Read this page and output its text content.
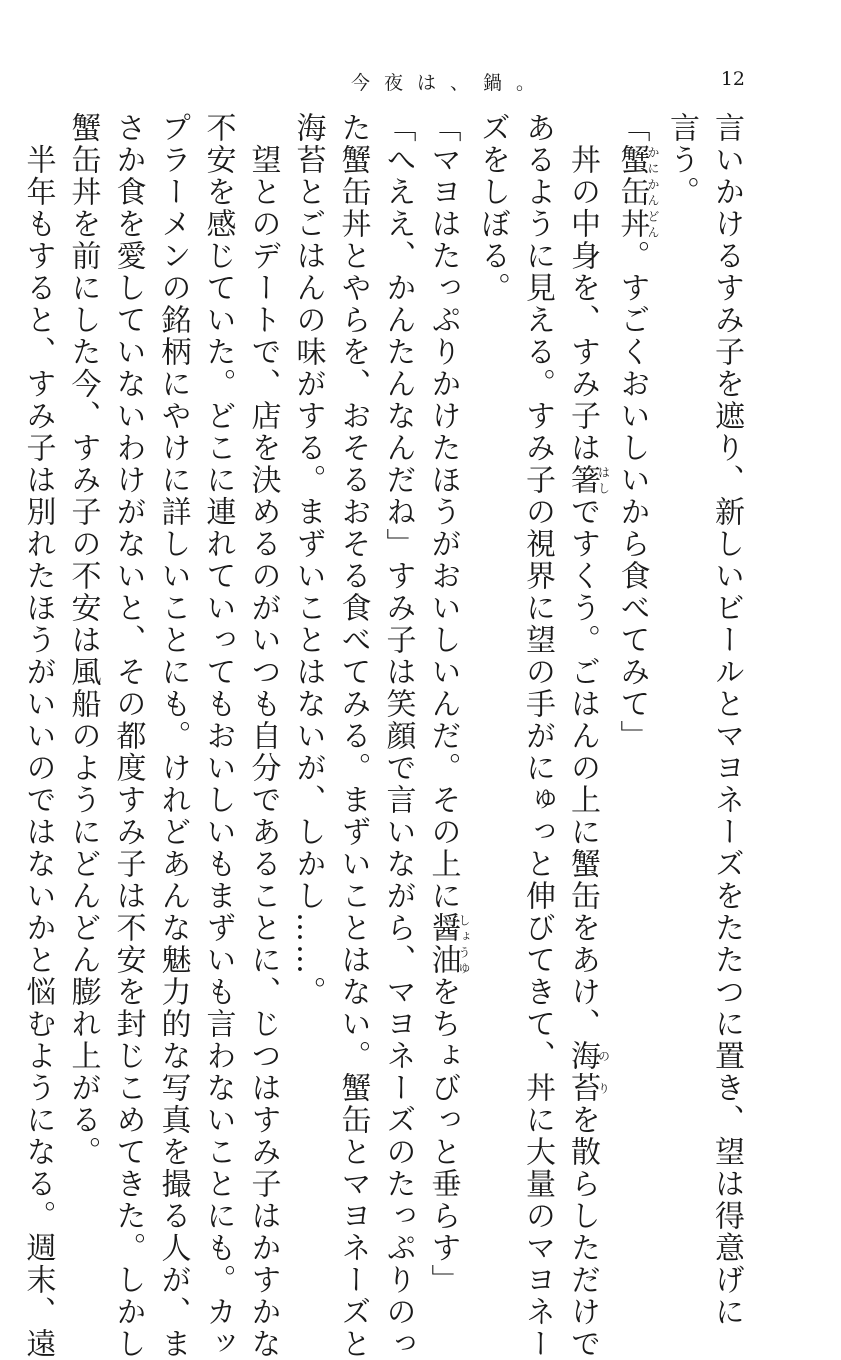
今夜は、鍋。	12
言いかけるすみ子を遮り、新しいビールとマヨネーズをたたつに置き、望は得意げに
言う。
「蟹缶丼かにかんどん。すごくおいしいから食べてみて」
丼の中身を、すみ子は箸はしですくう。ごはんの上に蟹缶をあけ、海苔のりを散らしただけで
あるように見える。すみ子の視界に望の手がにゅっと伸びてきて、丼に大量のマヨネー
ズをしぼる。
「マヨはたっぷりかけたほうがおいしいんだ。その上に醤油しょうゆをちょびっと垂らす」
「へええ、かんたんなんだね」すみ子は笑顔で言いながら、マヨネーズのたっぷりのっ
た蟹缶丼とやらを、おそるおそる食べてみる。まずいことはない。蟹缶とマヨネーズと
海苔とごはんの味がする。まずいことはないが、しかし……。
望とのデートで、店を決めるのがいつも自分であることに、じつはすみ子はかすかな
不安を感じていた。どこに連れていってもおいしいもまずいも言わないことにも。カッ
プラーメンの銘柄にやけに詳しいことにも。けれどあんな魅力的な写真を撮る人が、ま
さか食を愛していないわけがないと、その都度すみ子は不安を封じこめてきた。しかし
蟹缶丼を前にした今、すみ子の不安は風船のようにどんどん膨れ上がる。
半年もすると、すみ子は別れたほうがいいのではないかと悩むようになる。週末、遠
